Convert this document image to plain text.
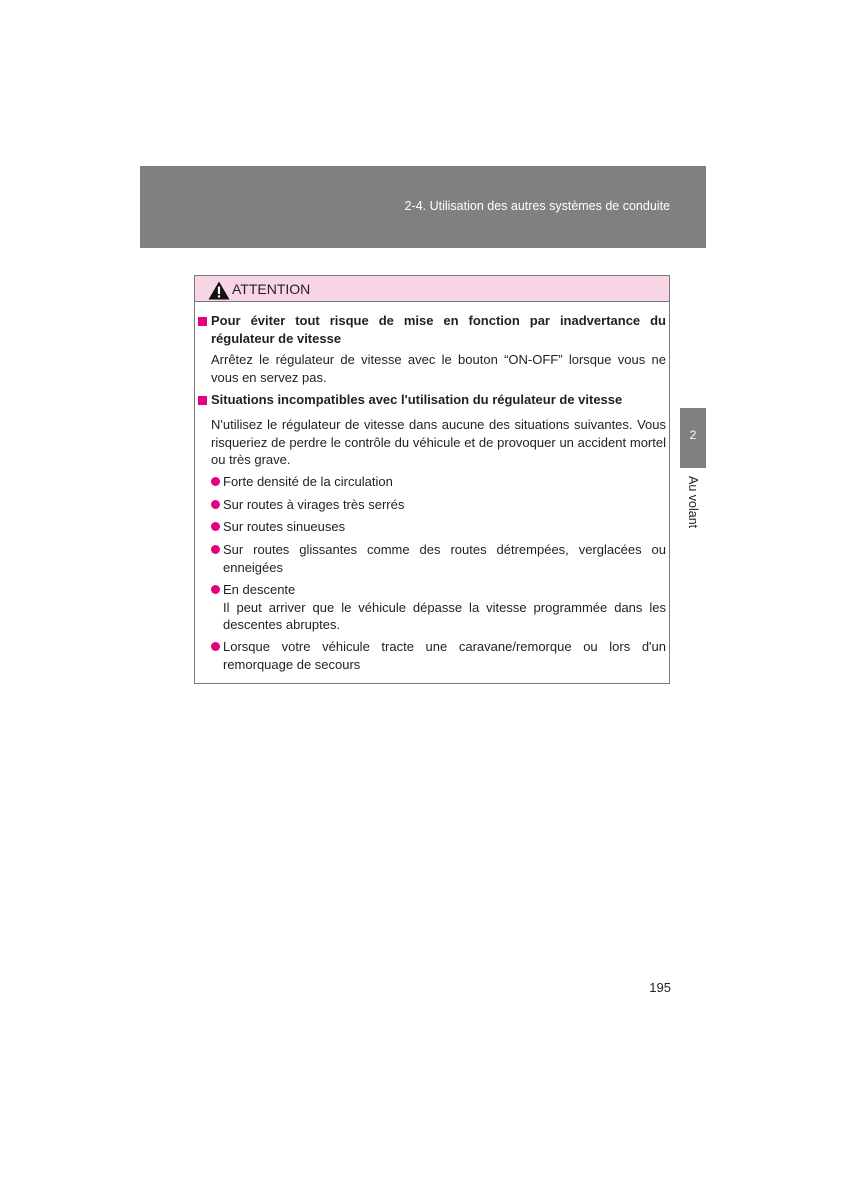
2-4. Utilisation des autres systèmes de conduite
2
Au volant
ATTENTION
Pour éviter tout risque de mise en fonction par inadvertance du régulateur de vitesse
Arrêtez le régulateur de vitesse avec le bouton “ON-OFF” lorsque vous ne vous en servez pas.
Situations incompatibles avec l'utilisation du régulateur de vitesse
N'utilisez le régulateur de vitesse dans aucune des situations suivantes. Vous risqueriez de perdre le contrôle du véhicule et de provoquer un accident mortel ou très grave.
Forte densité de la circulation
Sur routes à virages très serrés
Sur routes sinueuses
Sur routes glissantes comme des routes détrempées, verglacées ou enneigées
En descente
Il peut arriver que le véhicule dépasse la vitesse programmée dans les descentes abruptes.
Lorsque votre véhicule tracte une caravane/remorque ou lors d'un remorquage de secours
195
